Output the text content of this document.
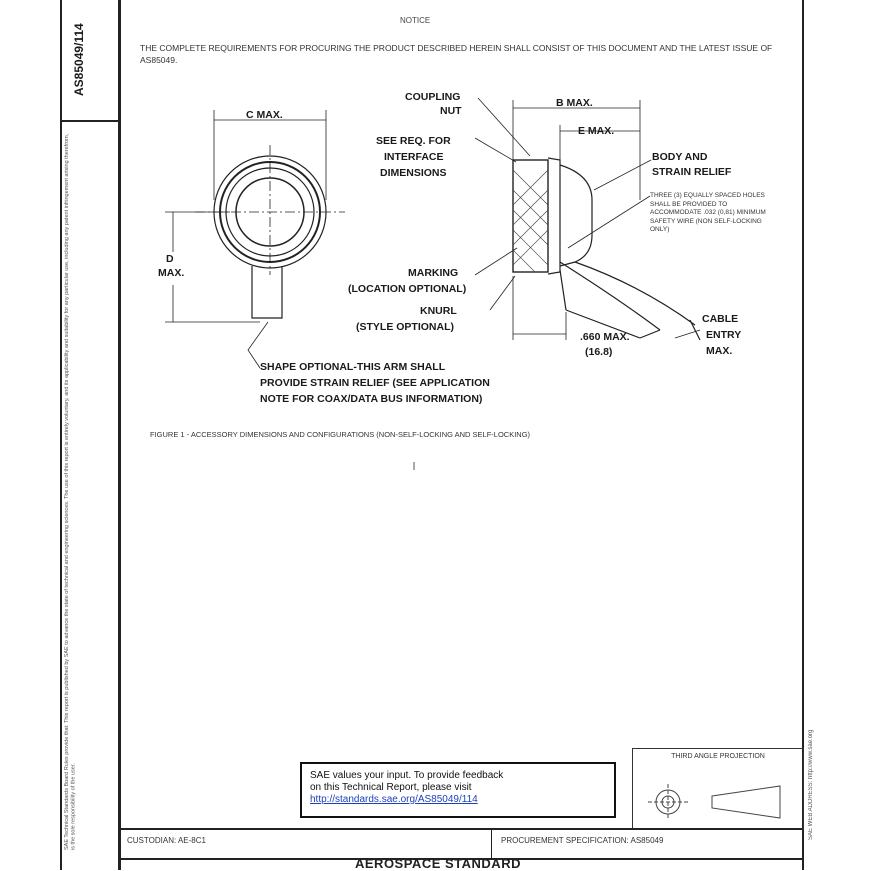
AS85049/114
SAE Technical Standards Board Rules provide that: This report is published by SAE to advance the state of technical and engineering sciences. The use of this report is entirely voluntary, and its applicability and suitability for any particular use, including any patent infringement arising therefrom, is the sole responsibility of the user.	SAE WEB ADDRESS: http://www.sae.org
NOTICE
THE COMPLETE REQUIREMENTS FOR PROCURING THE PRODUCT DESCRIBED HEREIN SHALL CONSIST OF THIS DOCUMENT AND THE LATEST ISSUE OF AS85049.
C MAX.
D
MAX.
COUPLING
NUT
B MAX.
E MAX.
SEE REQ. FOR
INTERFACE
DIMENSIONS
BODY AND
STRAIN RELIEF
THREE (3) EQUALLY SPACED HOLES SHALL BE PROVIDED TO ACCOMMODATE .032 (0,81) MINIMUM SAFETY WIRE (NON SELF-LOCKING ONLY)
MARKING
(LOCATION OPTIONAL)
KNURL
(STYLE OPTIONAL)
.660 MAX.
(16.8)
CABLE
ENTRY
MAX.
SHAPE OPTIONAL-THIS ARM SHALL
PROVIDE STRAIN RELIEF (SEE APPLICATION
NOTE FOR COAX/DATA BUS INFORMATION)
FIGURE 1 - ACCESSORY DIMENSIONS AND CONFIGURATIONS (NON-SELF-LOCKING AND SELF-LOCKING)
SAE values your input. To provide feedback
on this Technical Report, please visit
http://standards.sae.org/AS85049/114
THIRD ANGLE PROJECTION
CUSTODIAN: AE-8C1	PROCUREMENT SPECIFICATION: AS85049
AEROSPACE STANDARD
